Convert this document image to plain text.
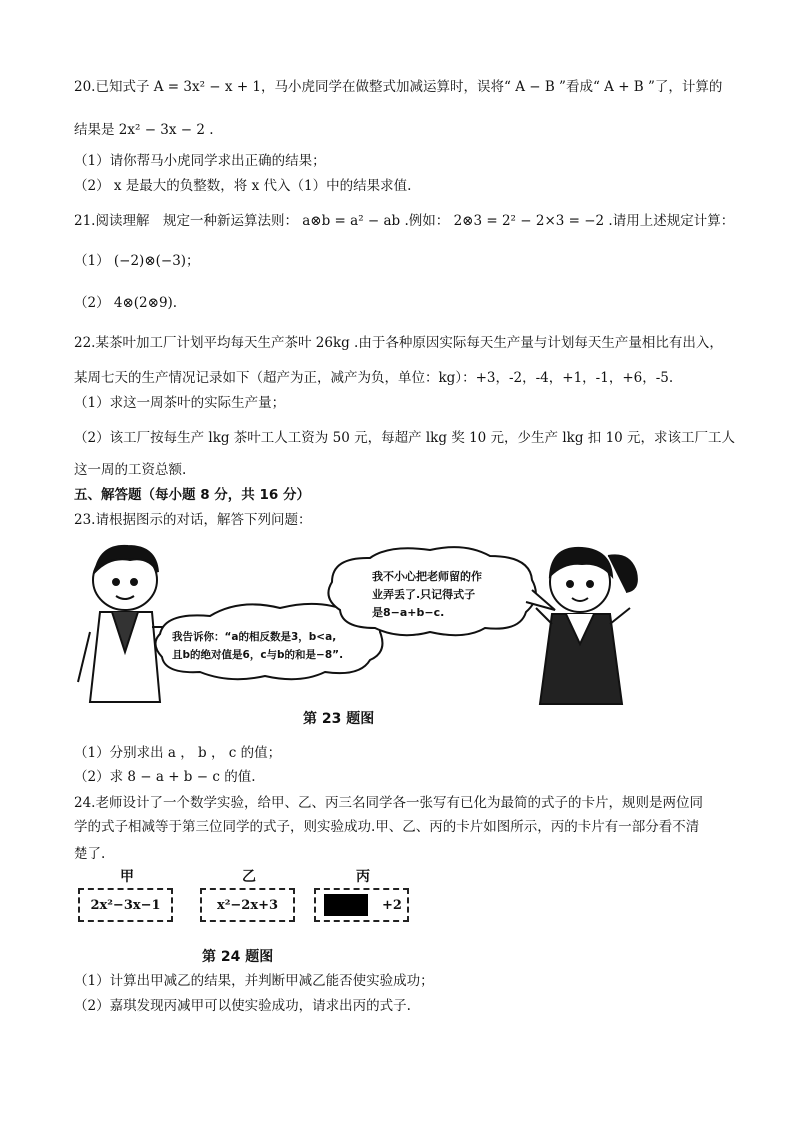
20.已知式子 A = 3x² − x + 1，马小虎同学在做整式加减运算时，误将“ A − B ”看成“ A + B ”了，计算的
结果是 2x² − 3x − 2 .
（1）请你帮马小虎同学求出正确的结果；
（2） x 是最大的负整数，将 x 代入（1）中的结果求值.
21.阅读理解　规定一种新运算法则： a⊗b = a² − ab .例如： 2⊗3 = 2² − 2×3 = −2 .请用上述规定计算：
（1） (−2)⊗(−3)；
（2） 4⊗(2⊗9).
22.某茶叶加工厂计划平均每天生产茶叶 26kg .由于各种原因实际每天生产量与计划每天生产量相比有出入，
某周七天的生产情况记录如下（超产为正，减产为负，单位：kg）：+3，-2，-4，+1，-1，+6，-5.
（1）求这一周茶叶的实际生产量；
（2）该工厂按每生产 lkg 茶叶工人工资为 50 元，每超产 lkg 奖 10 元，少生产 lkg 扣 10 元，求该工厂工人
这一周的工资总额.
五、解答题（每小题 8 分，共 16 分）
23.请根据图示的对话，解答下列问题：
我告诉你：“a的相反数是3，b<a,
且b的绝对值是6，c与b的和是−8”.
我不小心把老师留的作
业弄丢了.只记得式子
是8−a+b−c.
第 23 题图
（1）分别求出 a ， b ， c 的值；
（2）求 8 − a + b − c 的值.
24.老师设计了一个数学实验，给甲、乙、丙三名同学各一张写有已化为最简的式子的卡片，规则是两位同
学的式子相减等于第三位同学的式子，则实验成功.甲、乙、丙的卡片如图所示，丙的卡片有一部分看不清
楚了.
甲
2x²−3x−1
乙
x²−2x+3
丙
+2
第 24 题图
（1）计算出甲减乙的结果，并判断甲减乙能否使实验成功；
（2）嘉琪发现丙减甲可以使实验成功，请求出丙的式子.
